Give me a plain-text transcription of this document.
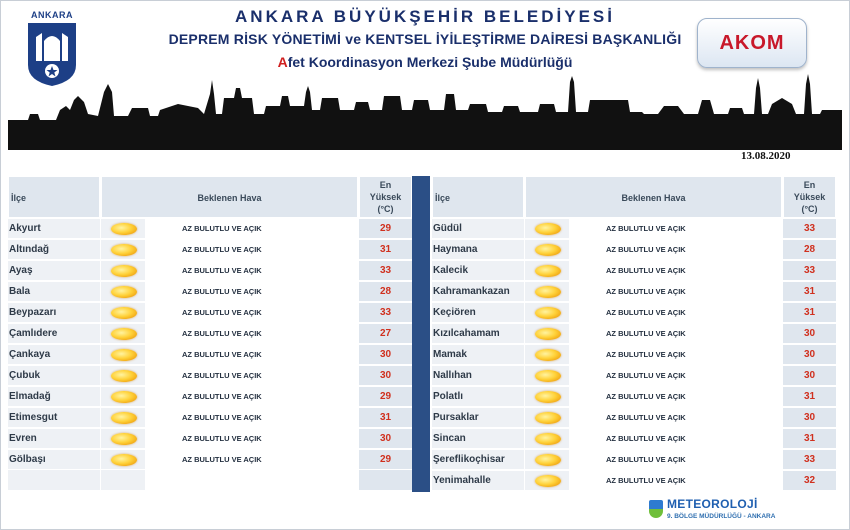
ANKARA	ANKARA BÜYÜKŞEHİR BELEDİYESİ
DEPREM RİSK YÖNETİMİ ve KENTSEL İYİLEŞTİRME DAİRESİ BAŞKANLIĞI
Afet Koordinasyon Merkezi Şube Müdürlüğü
AKOM
13.08.2020
İlçe	Beklenen Hava
En
Yüksek
(°C)
Akyurt	AZ BULUTLU VE AÇIK	29
Altındağ	AZ BULUTLU VE AÇIK	31
Ayaş	AZ BULUTLU VE AÇIK	33
Bala	AZ BULUTLU VE AÇIK	28
Beypazarı	AZ BULUTLU VE AÇIK	33
Çamlıdere	AZ BULUTLU VE AÇIK	27
Çankaya	AZ BULUTLU VE AÇIK	30
Çubuk	AZ BULUTLU VE AÇIK	30
Elmadağ	AZ BULUTLU VE AÇIK	29
Etimesgut	AZ BULUTLU VE AÇIK	31
Evren	AZ BULUTLU VE AÇIK	30
Gölbaşı	AZ BULUTLU VE AÇIK	29
İlçe	Beklenen Hava
En
Yüksek
(°C)
Güdül	AZ BULUTLU VE AÇIK	33
Haymana	AZ BULUTLU VE AÇIK	28
Kalecik	AZ BULUTLU VE AÇIK	33
Kahramankazan	AZ BULUTLU VE AÇIK	31
Keçiören	AZ BULUTLU VE AÇIK	31
Kızılcahamam	AZ BULUTLU VE AÇIK	30
Mamak	AZ BULUTLU VE AÇIK	30
Nallıhan	AZ BULUTLU VE AÇIK	30
Polatlı	AZ BULUTLU VE AÇIK	31
Pursaklar	AZ BULUTLU VE AÇIK	30
Sincan	AZ BULUTLU VE AÇIK	31
Şereflikoçhisar	AZ BULUTLU VE AÇIK	33
Yenimahalle	AZ BULUTLU VE AÇIK	32
METEOROLOJİ
9. BÖLGE MÜDÜRLÜĞÜ - ANKARA
